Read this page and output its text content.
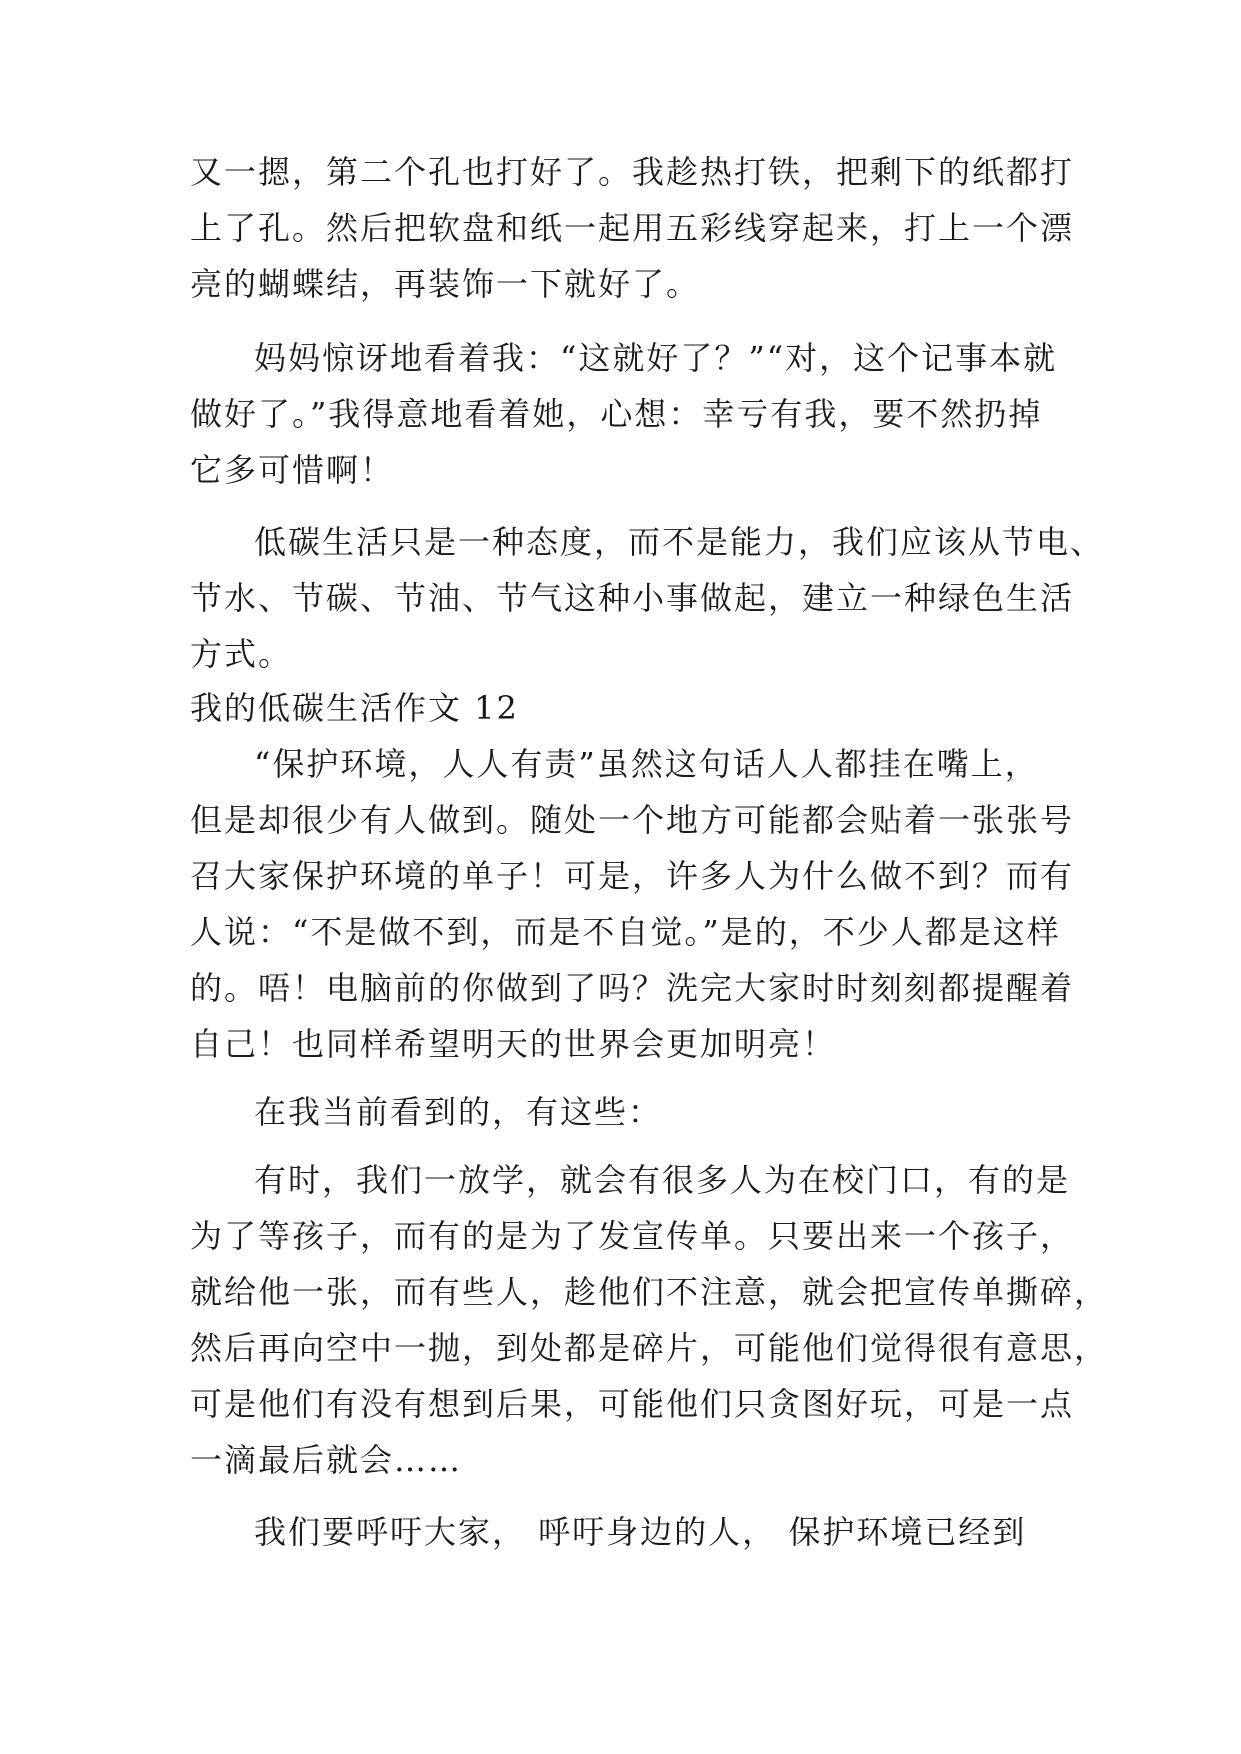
又一摁，第二个孔也打好了。我趁热打铁，把剩下的纸都打
上了孔。然后把软盘和纸一起用五彩线穿起来，打上一个漂
亮的蝴蝶结，再装饰一下就好了。
妈妈惊讶地看着我：“这就好了？”“对，这个记事本就
做好了。”我得意地看着她，心想：幸亏有我，要不然扔掉
它多可惜啊！
低碳生活只是一种态度，而不是能力，我们应该从节电、
节水、节碳、节油、节气这种小事做起，建立一种绿色生活
方式。
我的低碳生活作文 12
“保护环境，人人有责”虽然这句话人人都挂在嘴上，
但是却很少有人做到。随处一个地方可能都会贴着一张张号
召大家保护环境的单子！可是，许多人为什么做不到？而有
人说：“不是做不到，而是不自觉。”是的，不少人都是这样
的。唔！电脑前的你做到了吗？洗完大家时时刻刻都提醒着
自己！也同样希望明天的世界会更加明亮！
在我当前看到的，有这些：
有时，我们一放学，就会有很多人为在校门口，有的是
为了等孩子，而有的是为了发宣传单。只要出来一个孩子，
就给他一张，而有些人，趁他们不注意，就会把宣传单撕碎，
然后再向空中一抛，到处都是碎片，可能他们觉得很有意思，
可是他们有没有想到后果，可能他们只贪图好玩，可是一点
一滴最后就会……
我们要呼吁大家， 呼吁身边的人， 保护环境已经到
